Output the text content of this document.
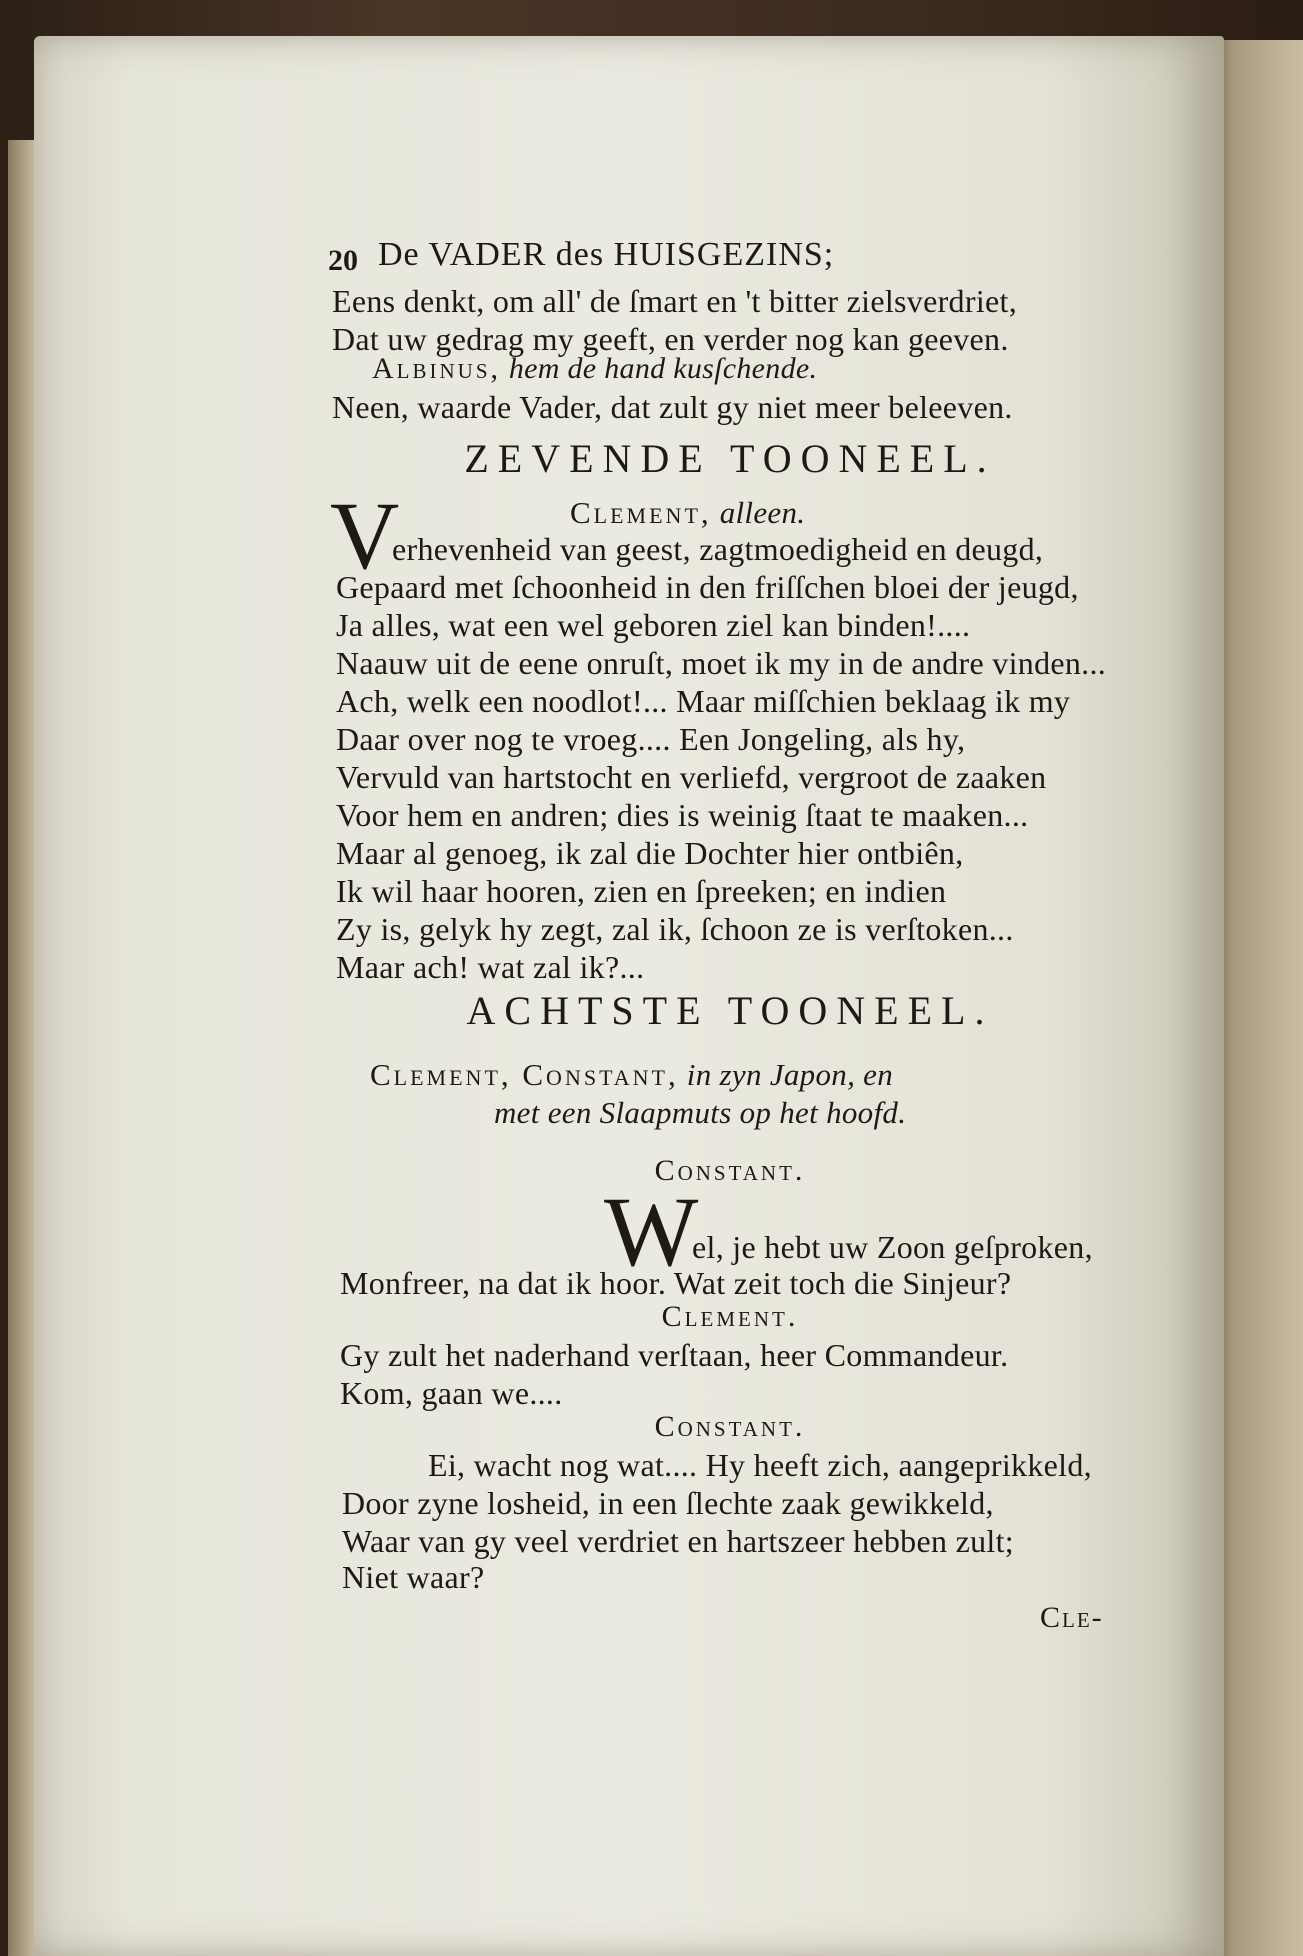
20 De VADER des HUISGEZINS;
Eens denkt, om all' de ſmart en 't bitter zielsverdriet,
Dat uw gedrag my geeft, en verder nog kan geeven.
Albinus, hem de hand kusſchende.
Neen, waarde Vader, dat zult gy niet meer beleeven.
ZEVENDE TOONEEL.
Clement, alleen.
V
erhevenheid van geest, zagtmoedigheid en deugd,
Gepaard met ſchoonheid in den friſſchen bloei der jeugd,
Ja alles, wat een wel geboren ziel kan binden!....
Naauw uit de eene onruſt, moet ik my in de andre vinden...
Ach, welk een noodlot!... Maar miſſchien beklaag ik my
Daar over nog te vroeg.... Een Jongeling, als hy,
Vervuld van hartstocht en verliefd, vergroot de zaaken
Voor hem en andren; dies is weinig ſtaat te maaken...
Maar al genoeg, ik zal die Dochter hier ontbiên,
Ik wil haar hooren, zien en ſpreeken; en indien
Zy is, gelyk hy zegt, zal ik, ſchoon ze is verſtoken...
Maar ach! wat zal ik?...
ACHTSTE TOONEEL.
Clement, Constant, in zyn Japon, en
met een Slaapmuts op het hoofd.
Constant.
W
el, je hebt uw Zoon geſproken,
Monfreer, na dat ik hoor. Wat zeit toch die Sinjeur?
Clement.
Gy zult het naderhand verſtaan, heer Commandeur.
Kom, gaan we....
Constant.
Ei, wacht nog wat.... Hy heeft zich, aangeprikkeld,
Door zyne losheid, in een ſlechte zaak gewikkeld,
Waar van gy veel verdriet en hartszeer hebben zult;
Niet waar?
Cle-
